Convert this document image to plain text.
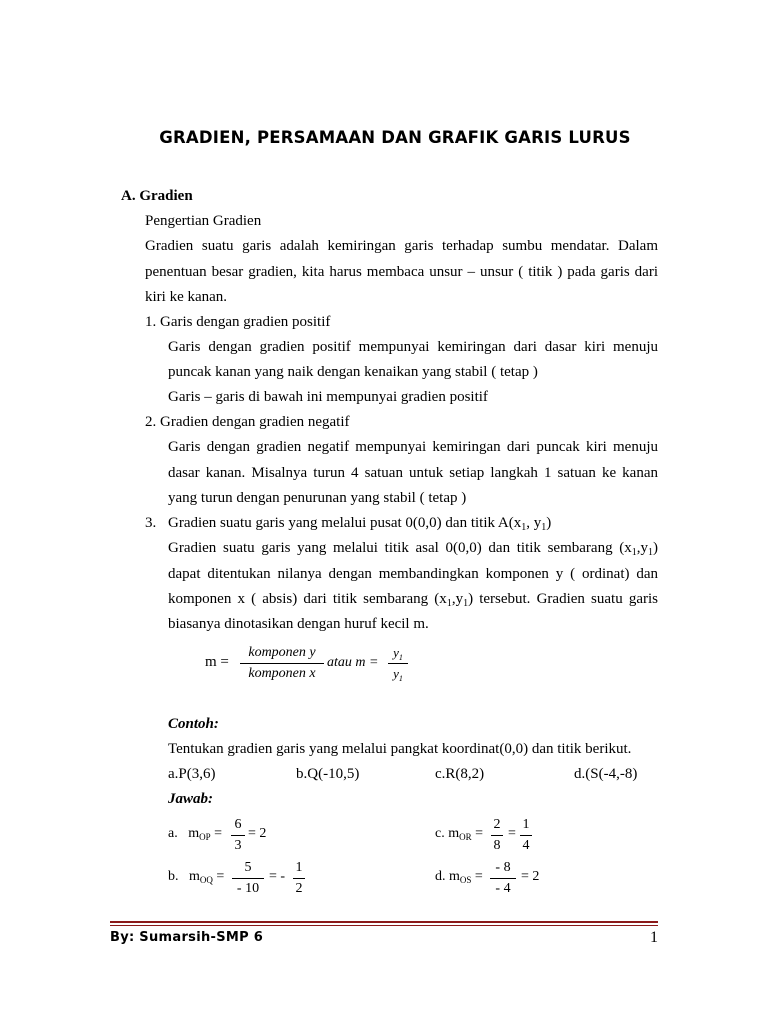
GRADIEN, PERSAMAAN DAN GRAFIK GARIS LURUS
A. Gradien
Pengertian Gradien
Gradien suatu garis adalah kemiringan garis terhadap sumbu mendatar. Dalam
penentuan besar gradien, kita harus membaca unsur – unsur ( titik ) pada garis dari
kiri ke kanan.
1. Garis dengan gradien positif
Garis dengan gradien positif mempunyai kemiringan dari dasar kiri menuju
puncak kanan yang naik dengan kenaikan yang stabil ( tetap )
Garis – garis di bawah ini mempunyai gradien positif
2. Gradien dengan gradien negatif
Garis dengan gradien negatif mempunyai kemiringan dari puncak kiri menuju
dasar kanan. Misalnya turun 4 satuan untuk setiap langkah 1 satuan ke kanan
yang turun dengan penurunan yang stabil ( tetap )
3. Gradien suatu garis yang melalui pusat 0(0,0) dan titik $A(x_1$, $y_1$)
Gradien suatu garis yang melalui titik asal 0(0,0) dan titik sembarang $(x_1,y_1)$
dapat ditentukan nilanya dengan membandingkan komponen y ( ordinat) dan
komponen x ( absis) dari titik sembarang $(x_1,y_1)$ tersebut. Gradien suatu garis
biasanya dinotasikan dengan huruf kecil m.
m =
komponen y
komponen x
atau m =
$y_1$
$y_1$
Contoh:
Tentukan gradien garis yang melalui pangkat koordinat(0,0) dan titik berikut.
a.P(3,6)	b.Q(-10,5)	c.R(8,2)	d.(S(-4,-8)
Jawab:
a. $m_{OP}$ =
6
3
= 2
b. $m_{OQ}$ =
5
- 10
= -
1
2
c. $m_{OR}$ =
2
8
=
1
4
d. $m_{OS}$ =
- 8
- 4
= 2
By: Sumarsih-SMP 6	1
